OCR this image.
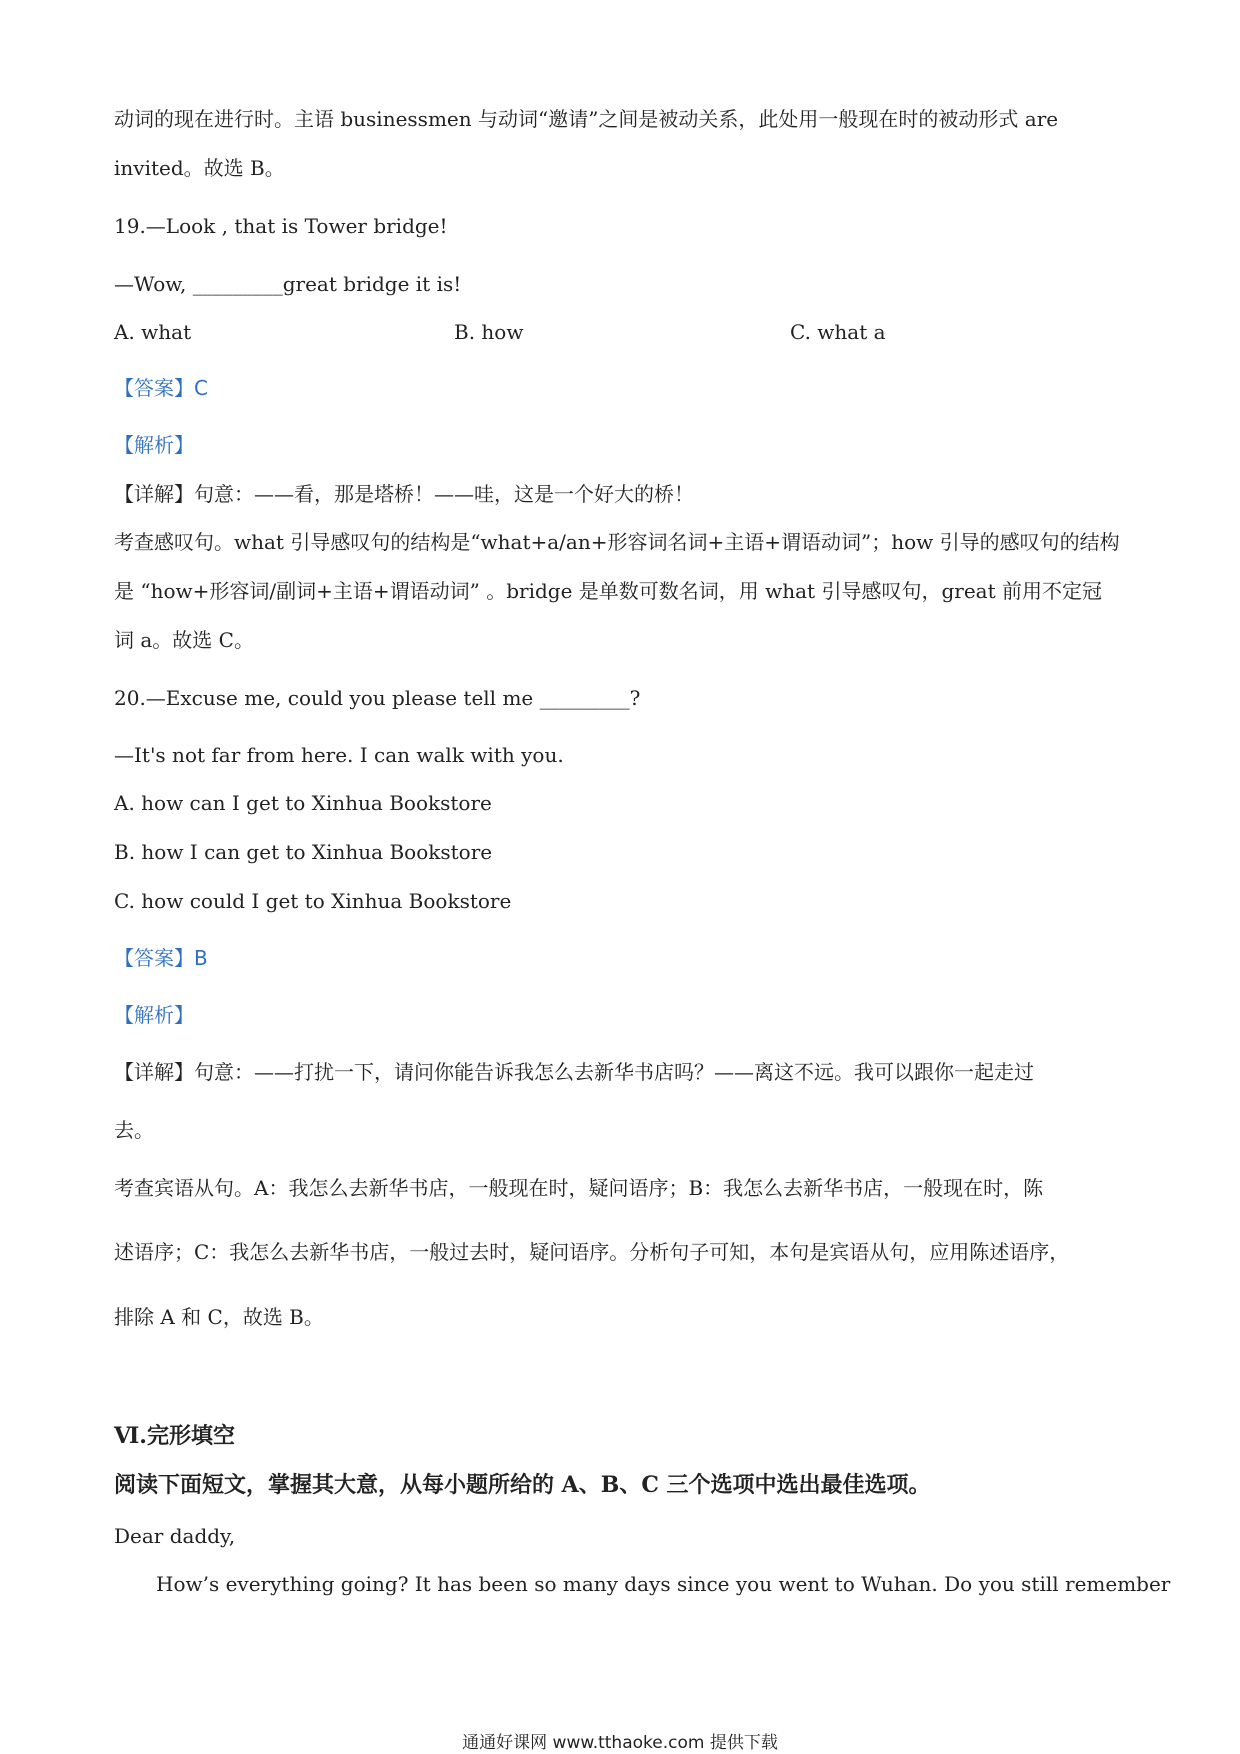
动词的现在进行时。主语 businessmen 与动词“邀请”之间是被动关系，此处用一般现在时的被动形式 are
invited。故选 B。
19.—Look , that is Tower bridge!
—Wow, _________great bridge it is!
A. what	B. how	C. what a
【答案】C
【解析】
【详解】句意：——看，那是塔桥！——哇，这是一个好大的桥！
考查感叹句。what 引导感叹句的结构是“what+a/an+形容词名词+主语+谓语动词”；how 引导的感叹句的结构
是 “how+形容词/副词+主语+谓语动词” 。bridge 是单数可数名词，用 what 引导感叹句，great 前用不定冠
词 a。故选 C。
20.—Excuse me, could you please tell me _________?
—It's not far from here. I can walk with you.
A. how can I get to Xinhua Bookstore
B. how I can get to Xinhua Bookstore
C. how could I get to Xinhua Bookstore
【答案】B
【解析】
【详解】句意：——打扰一下，请问你能告诉我怎么去新华书店吗？——离这不远。我可以跟你一起走过
去。
考查宾语从句。A：我怎么去新华书店，一般现在时，疑问语序；B：我怎么去新华书店，一般现在时，陈
述语序；C：我怎么去新华书店，一般过去时，疑问语序。分析句子可知，本句是宾语从句，应用陈述语序，
排除 A 和 C，故选 B。
Ⅵ.完形填空
阅读下面短文，掌握其大意，从每小题所给的 A、B、C 三个选项中选出最佳选项。
Dear daddy,
How’s everything going? It has been so many days since you went to Wuhan. Do you still remember
通通好课网 www.tthaoke.com 提供下载
